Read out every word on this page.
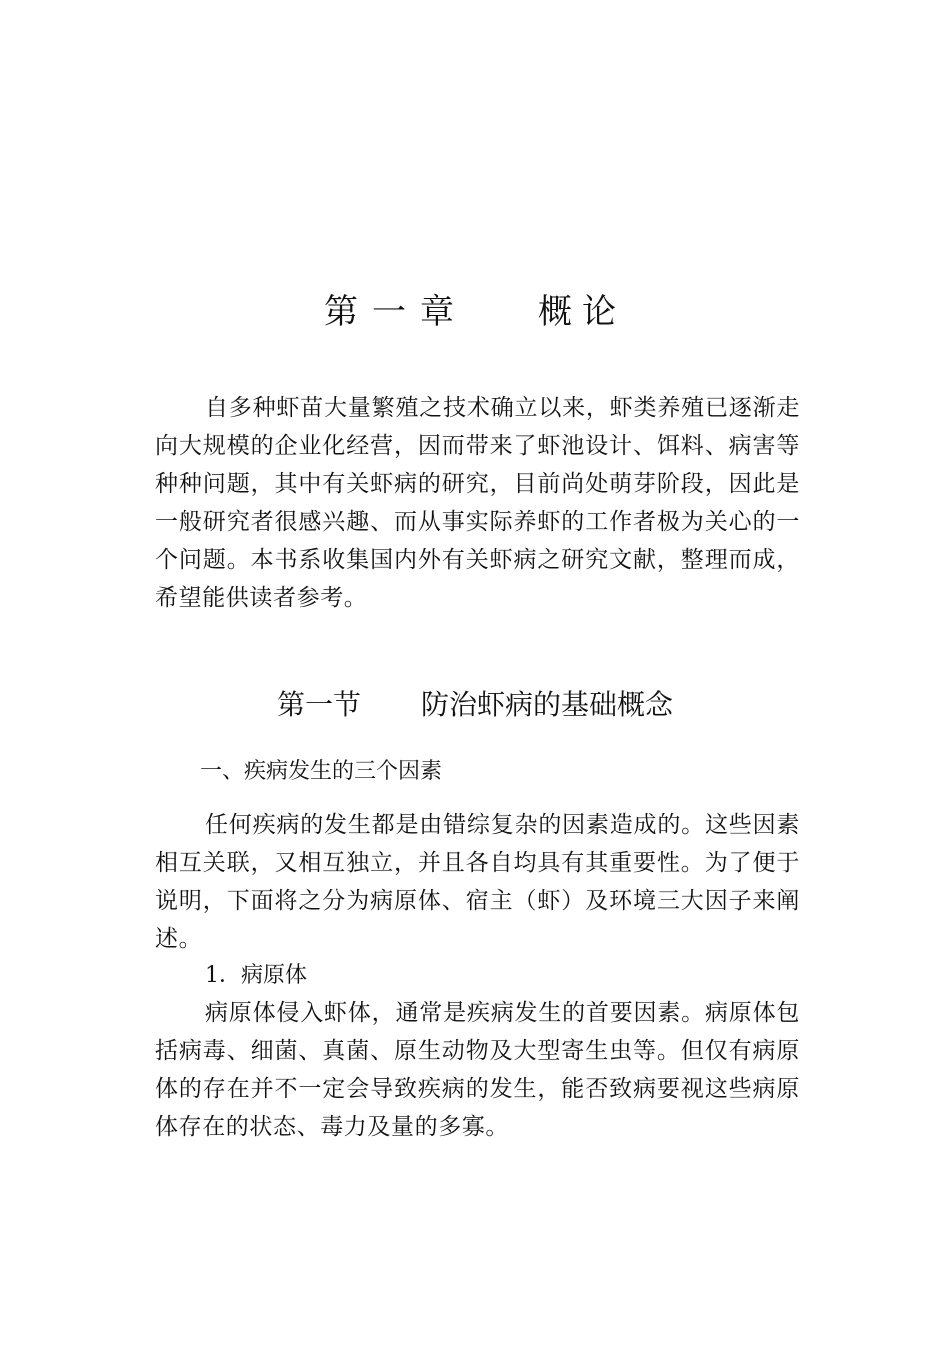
第一章 概论

自多种虾苗大量繁殖之技术确立以来，虾类养殖已逐渐走向大规模的企业化经营，因而带来了虾池设计、饵料、病害等种种问题，其中有关虾病的研究，目前尚处萌芽阶段，因此是一般研究者很感兴趣、而从事实际养虾的工作者极为关心的一个问题。本书系收集国内外有关虾病之研究文献，整理而成，希望能供读者参考。

第一节 防治虾病的基础概念
一、疾病发生的三个因素

任何疾病的发生都是由错综复杂的因素造成的。这些因素相互关联，又相互独立，并且各自均具有其重要性。为了便于说明，下面将之分为病原体、宿主（虾）及环境三大因子来阐述。

1．病原体

病原体侵入虾体，通常是疾病发生的首要因素。病原体包括病毒、细菌、真菌、原生动物及大型寄生虫等。但仅有病原体的存在并不一定会导致疾病的发生，能否致病要视这些病原体存在的状态、毒力及量的多寡。
